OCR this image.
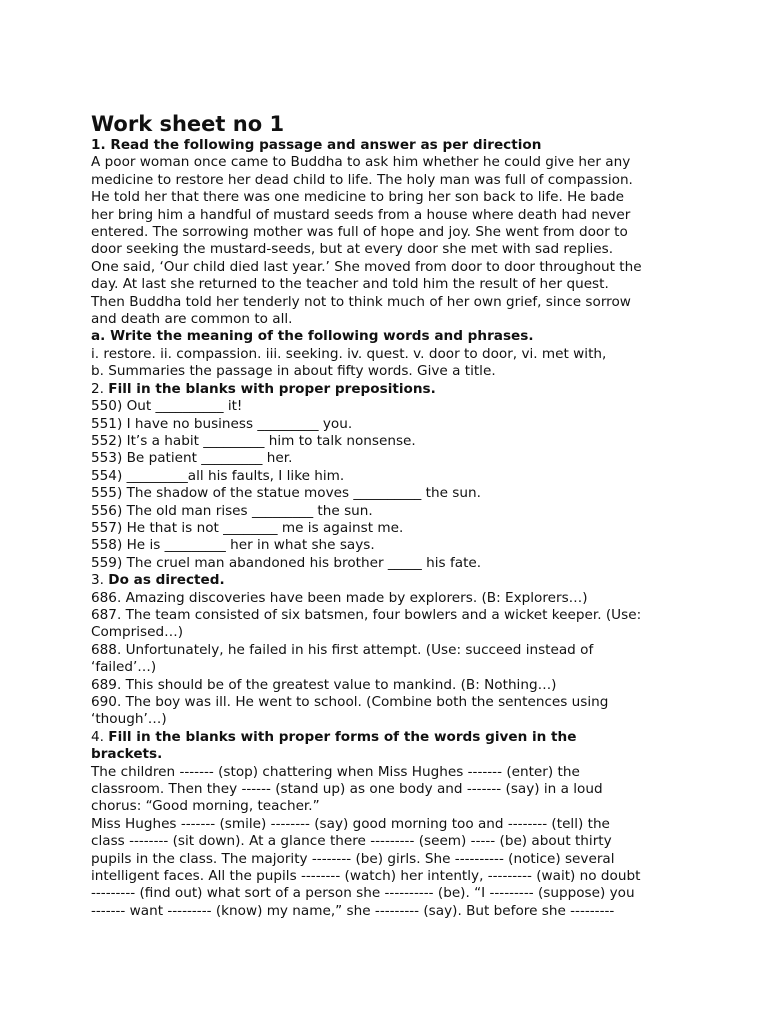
Work sheet no 1

1. Read the following passage and answer as per direction

A poor woman once came to Buddha to ask him whether he could give her any

medicine to restore her dead child to life. The holy man was full of compassion.

He told her that there was one medicine to bring her son back to life. He bade

her bring him a handful of mustard seeds from a house where death had never

entered. The sorrowing mother was full of hope and joy. She went from door to

door seeking the mustard-seeds, but at every door she met with sad replies.

One said, ‘Our child died last year.’ She moved from door to door throughout the

day. At last she returned to the teacher and told him the result of her quest.

Then Buddha told her tenderly not to think much of her own grief, since sorrow

and death are common to all.

a. Write the meaning of the following words and phrases.

i. restore. ii. compassion. iii. seeking. iv. quest. v. door to door, vi. met with,

b. Summaries the passage in about fifty words. Give a title.

2. Fill in the blanks with proper prepositions.

550) Out __________ it!

551) I have no business _________ you.

552) It’s a habit _________ him to talk nonsense.

553) Be patient _________ her.

554) _________all his faults, I like him.

555) The shadow of the statue moves __________ the sun.

556) The old man rises _________ the sun.

557) He that is not ________ me is against me.

558) He is _________ her in what she says.

559) The cruel man abandoned his brother _____ his fate.

3. Do as directed.

686. Amazing discoveries have been made by explorers. (B: Explorers…)

687. The team consisted of six batsmen, four bowlers and a wicket keeper. (Use:

Comprised…)

688. Unfortunately, he failed in his first attempt. (Use: succeed instead of

‘failed’…)

689. This should be of the greatest value to mankind. (B: Nothing…)

690. The boy was ill. He went to school. (Combine both the sentences using

‘though’…)

4. Fill in the blanks with proper forms of the words given in the

brackets.

The children ------- (stop) chattering when Miss Hughes ------- (enter) the

classroom. Then they ------ (stand up) as one body and ------- (say) in a loud

chorus: “Good morning, teacher.”

Miss Hughes ------- (smile) -------- (say) good morning too and -------- (tell) the

class -------- (sit down). At a glance there --------- (seem) ----- (be) about thirty

pupils in the class. The majority -------- (be) girls. She ---------- (notice) several

intelligent faces. All the pupils -------- (watch) her intently, --------- (wait) no doubt

--------- (find out) what sort of a person she ---------- (be). “I --------- (suppose) you

------- want --------- (know) my name,” she --------- (say). But before she ---------
